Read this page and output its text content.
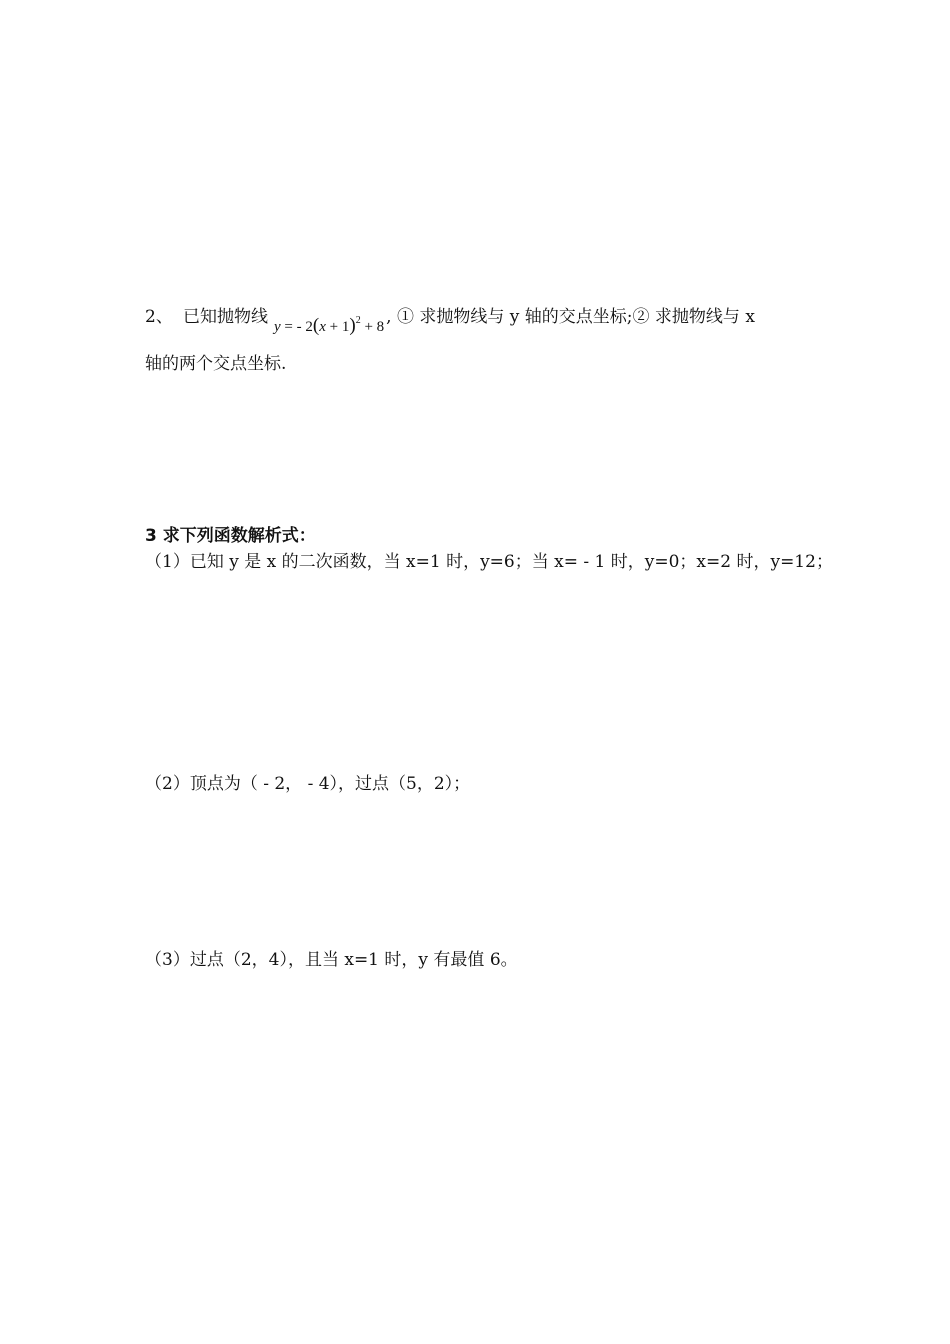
2、 已知抛物线 y = - $2(x + 1)^2 + 8$ , ① 求抛物线与 y 轴的交点坐标;② 求抛物线与 x
轴的两个交点坐标.
3 求下列函数解析式：
（1）已知 y 是 x 的二次函数，当 x=1 时，y=6；当 x= - 1 时，y=0；x=2 时，y=12；
（2）顶点为（ - 2， - 4），过点（5，2）；
（3）过点（2，4），且当 x=1 时，y 有最值 6。
